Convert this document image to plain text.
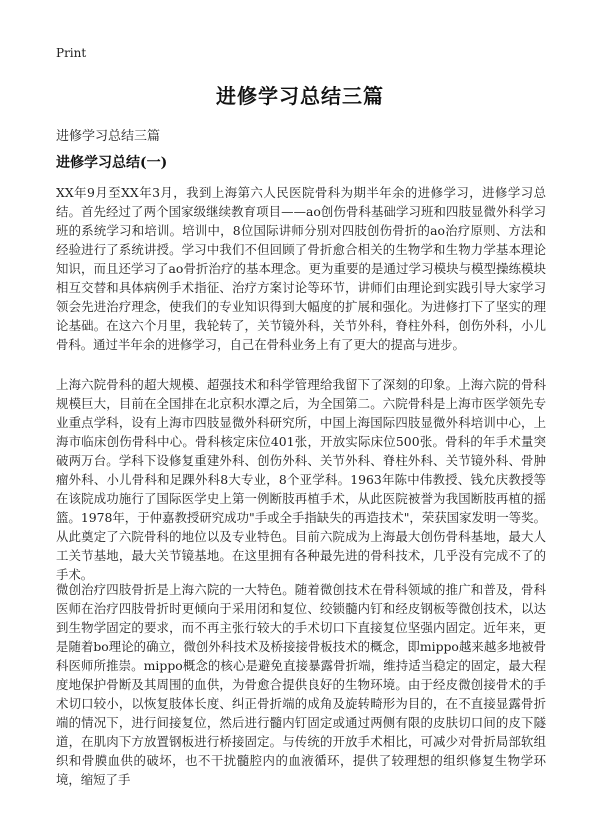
Print
进修学习总结三篇
进修学习总结三篇
进修学习总结(一)

XX年9月至XX年3月，我到上海第六人民医院骨科为期半年余的进修学习，进修学习总结。首先经过了两个国家级继续教育项目——ao创伤骨科基础学习班和四肢显微外科学习班的系统学习和培训。培训中，8位国际讲师分别对四肢创伤骨折的ao治疗原则、方法和经验进行了系统讲授。学习中我们不但回顾了骨折愈合相关的生物学和生物力学基本理论知识，而且还学习了ao骨折治疗的基本理念。更为重要的是通过学习模块与模型操练模块相互交替和具体病例手术指征、治疗方案讨论等环节，讲师们由理论到实践引导大家学习领会先进治疗理念，使我们的专业知识得到大幅度的扩展和强化。为进修打下了坚实的理论基础。在这六个月里，我轮转了，关节镜外科，关节外科，脊柱外科，创伤外科，小儿骨科。通过半年余的进修学习，自己在骨科业务上有了更大的提高与进步。

上海六院骨科的超大规模、超强技术和科学管理给我留下了深刻的印象。上海六院的骨科规模巨大，目前在全国排在北京积水潭之后，为全国第二。六院骨科是上海市医学领先专业重点学科，设有上海市四肢显微外科研究所，中国上海国际四肢显微外科培训中心，上海市临床创伤骨科中心。骨科核定床位401张，开放实际床位500张。骨科的年手术量突破两万台。学科下设修复重建外科、创伤外科、关节外科、脊柱外科、关节镜外科、骨肿瘤外科、小儿骨科和足踝外科8大专业，8个亚学科。1963年陈中伟教授、钱允庆教授等在该院成功施行了国际医学史上第一例断肢再植手术，从此医院被誉为我国断肢再植的摇篮。1978年，于仲嘉教授研究成功"手或全手指缺失的再造技术"，荣获国家发明一等奖。从此奠定了六院骨科的地位以及专业特色。目前六院成为上海最大创伤骨科基地，最大人工关节基地，最大关节镜基地。在这里拥有各种最先进的骨科技术，几乎没有完成不了的手术。

微创治疗四肢骨折是上海六院的一大特色。随着微创技术在骨科领域的推广和普及，骨科医师在治疗四肢骨折时更倾向于采用闭和复位、绞锁髓内钉和经皮钢板等微创技术，以达到生物学固定的要求，而不再主张行较大的手术切口下直接复位坚强内固定。近年来，更是随着bo理论的确立，微创外科技术及桥接接骨板技术的概念，即mippo越来越多地被骨科医师所推崇。mippo概念的核心是避免直接暴露骨折端，维持适当稳定的固定，最大程度地保护骨断及其周围的血供，为骨愈合提供良好的生物环境。由于经皮微创接骨术的手术切口较小，以恢复肢体长度、纠正骨折端的成角及旋转畸形为目的，在不直接显露骨折端的情况下，进行间接复位，然后进行髓内钉固定或通过两侧有限的皮肤切口间的皮下隧道，在肌肉下方放置钢板进行桥接固定。与传统的开放手术相比，可减少对骨折局部软组织和骨膜血供的破坏，也不干扰髓腔内的血液循环，提供了较理想的组织修复生物学环境，缩短了手
